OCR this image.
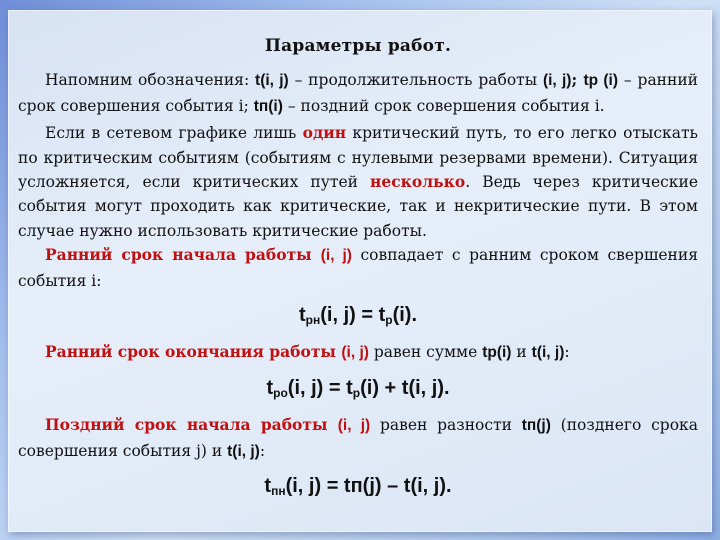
Параметры работ.

Напомним обозначения: t(i, j) – продолжительность работы (i, j); tр (i) – ранний срок совершения события i; tп(i) – поздний срок совершения события i.

Если в сетевом графике лишь один критический путь, то его легко отыскать по критическим событиям (событиям с нулевыми резервами времени). Ситуация усложняется, если критических путей несколько. Ведь через критические события могут проходить как критические, так и некритические пути. В этом случае нужно использовать критические работы.

Ранний срок начала работы (i, j) совпадает с ранним сроком свершения события i:

$t_{рн}(i$, $j) = t_р(i)$.

Ранний срок окончания работы (i, j) равен сумме tр(i) и t(i, j):

$t_{ро}(i$, $j) = t_р(i) + t(i$, j).

Поздний срок начала работы (i, j) равен разности tп(j) (позднего срока совершения события j) и t(i, j):

$t_{пн}(i$, j) = tп(j) – t(i, j).
